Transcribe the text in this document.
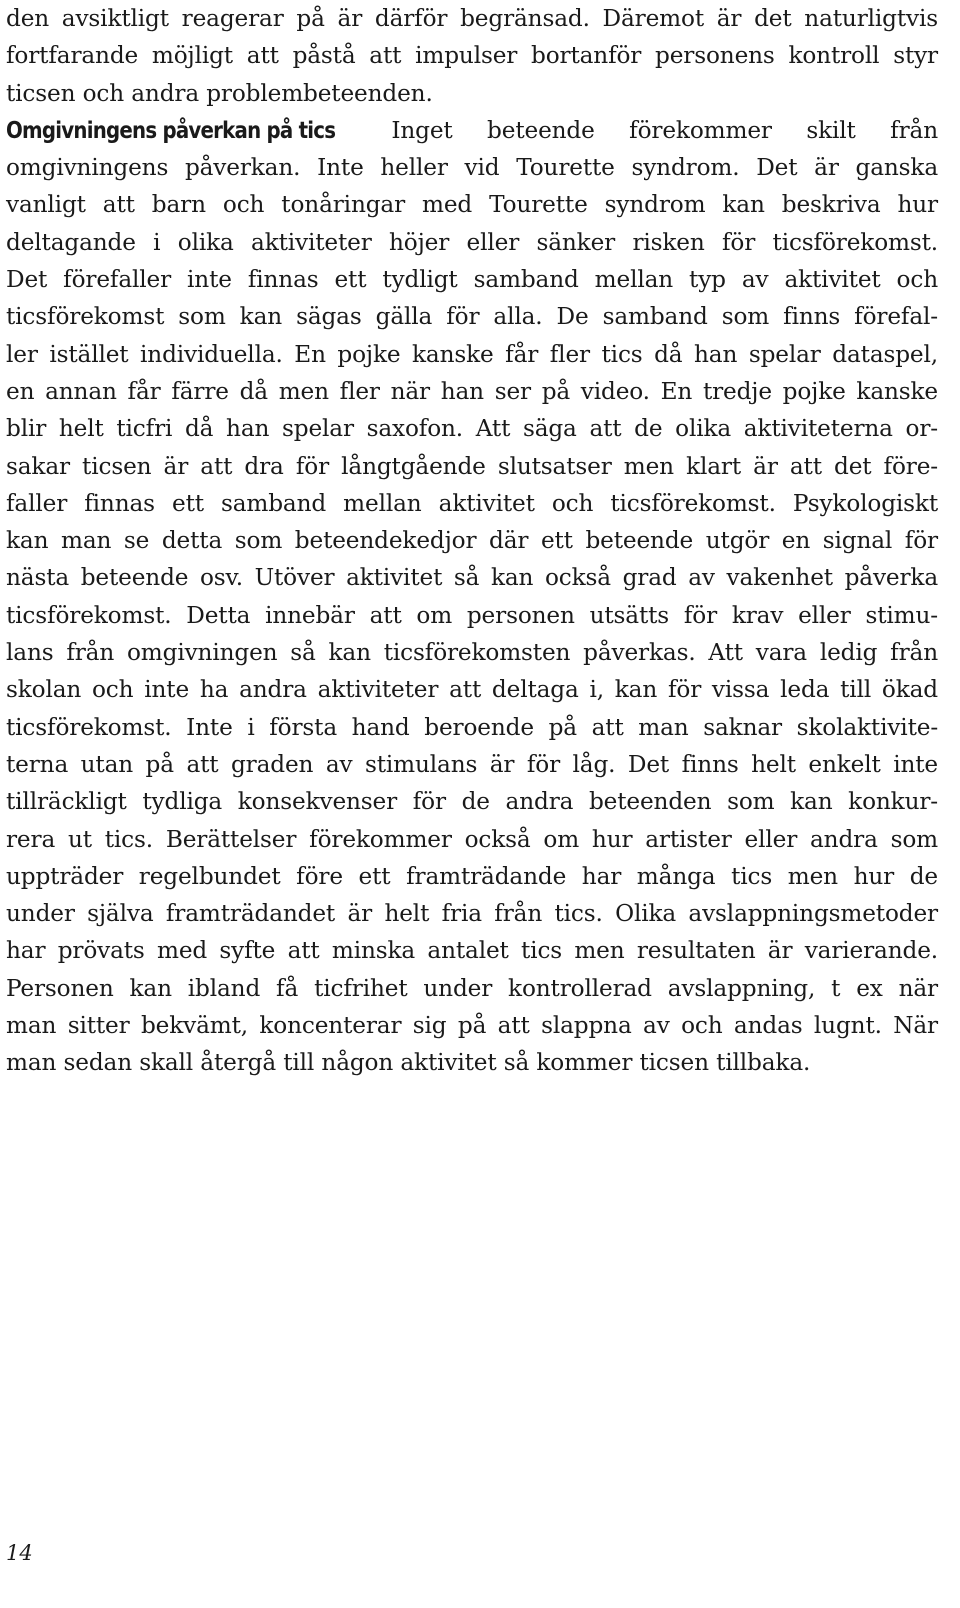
den avsiktligt reagerar på är därför begränsad. Däremot är det naturligtvis
fortfarande möjligt att påstå att impulser bortanför personens kontroll styr
ticsen och andra problembeteenden.
Omgivningens påverkan på tics Inget beteende förekommer skilt från
omgivningens påverkan. Inte heller vid Tourette syndrom. Det är ganska
vanligt att barn och tonåringar med Tourette syndrom kan beskriva hur
deltagande i olika aktiviteter höjer eller sänker risken för ticsförekomst.
Det förefaller inte finnas ett tydligt samband mellan typ av aktivitet och
ticsförekomst som kan sägas gälla för alla. De samband som finns förefal-
ler istället individuella. En pojke kanske får fler tics då han spelar dataspel,
en annan får färre då men fler när han ser på video. En tredje pojke kanske
blir helt ticfri då han spelar saxofon. Att säga att de olika aktiviteterna or-
sakar ticsen är att dra för långtgående slutsatser men klart är att det före-
faller finnas ett samband mellan aktivitet och ticsförekomst. Psykologiskt
kan man se detta som beteendekedjor där ett beteende utgör en signal för
nästa beteende osv. Utöver aktivitet så kan också grad av vakenhet påverka
ticsförekomst. Detta innebär att om personen utsätts för krav eller stimu-
lans från omgivningen så kan ticsförekomsten påverkas. Att vara ledig från
skolan och inte ha andra aktiviteter att deltaga i, kan för vissa leda till ökad
ticsförekomst. Inte i första hand beroende på att man saknar skolaktivite-
terna utan på att graden av stimulans är för låg. Det finns helt enkelt inte
tillräckligt tydliga konsekvenser för de andra beteenden som kan konkur-
rera ut tics. Berättelser förekommer också om hur artister eller andra som
uppträder regelbundet före ett framträdande har många tics men hur de
under själva framträdandet är helt fria från tics. Olika avslappningsmetoder
har prövats med syfte att minska antalet tics men resultaten är varierande.
Personen kan ibland få ticfrihet under kontrollerad avslappning, t ex när
man sitter bekvämt, koncenterar sig på att slappna av och andas lugnt. När
man sedan skall återgå till någon aktivitet så kommer ticsen tillbaka.
14
